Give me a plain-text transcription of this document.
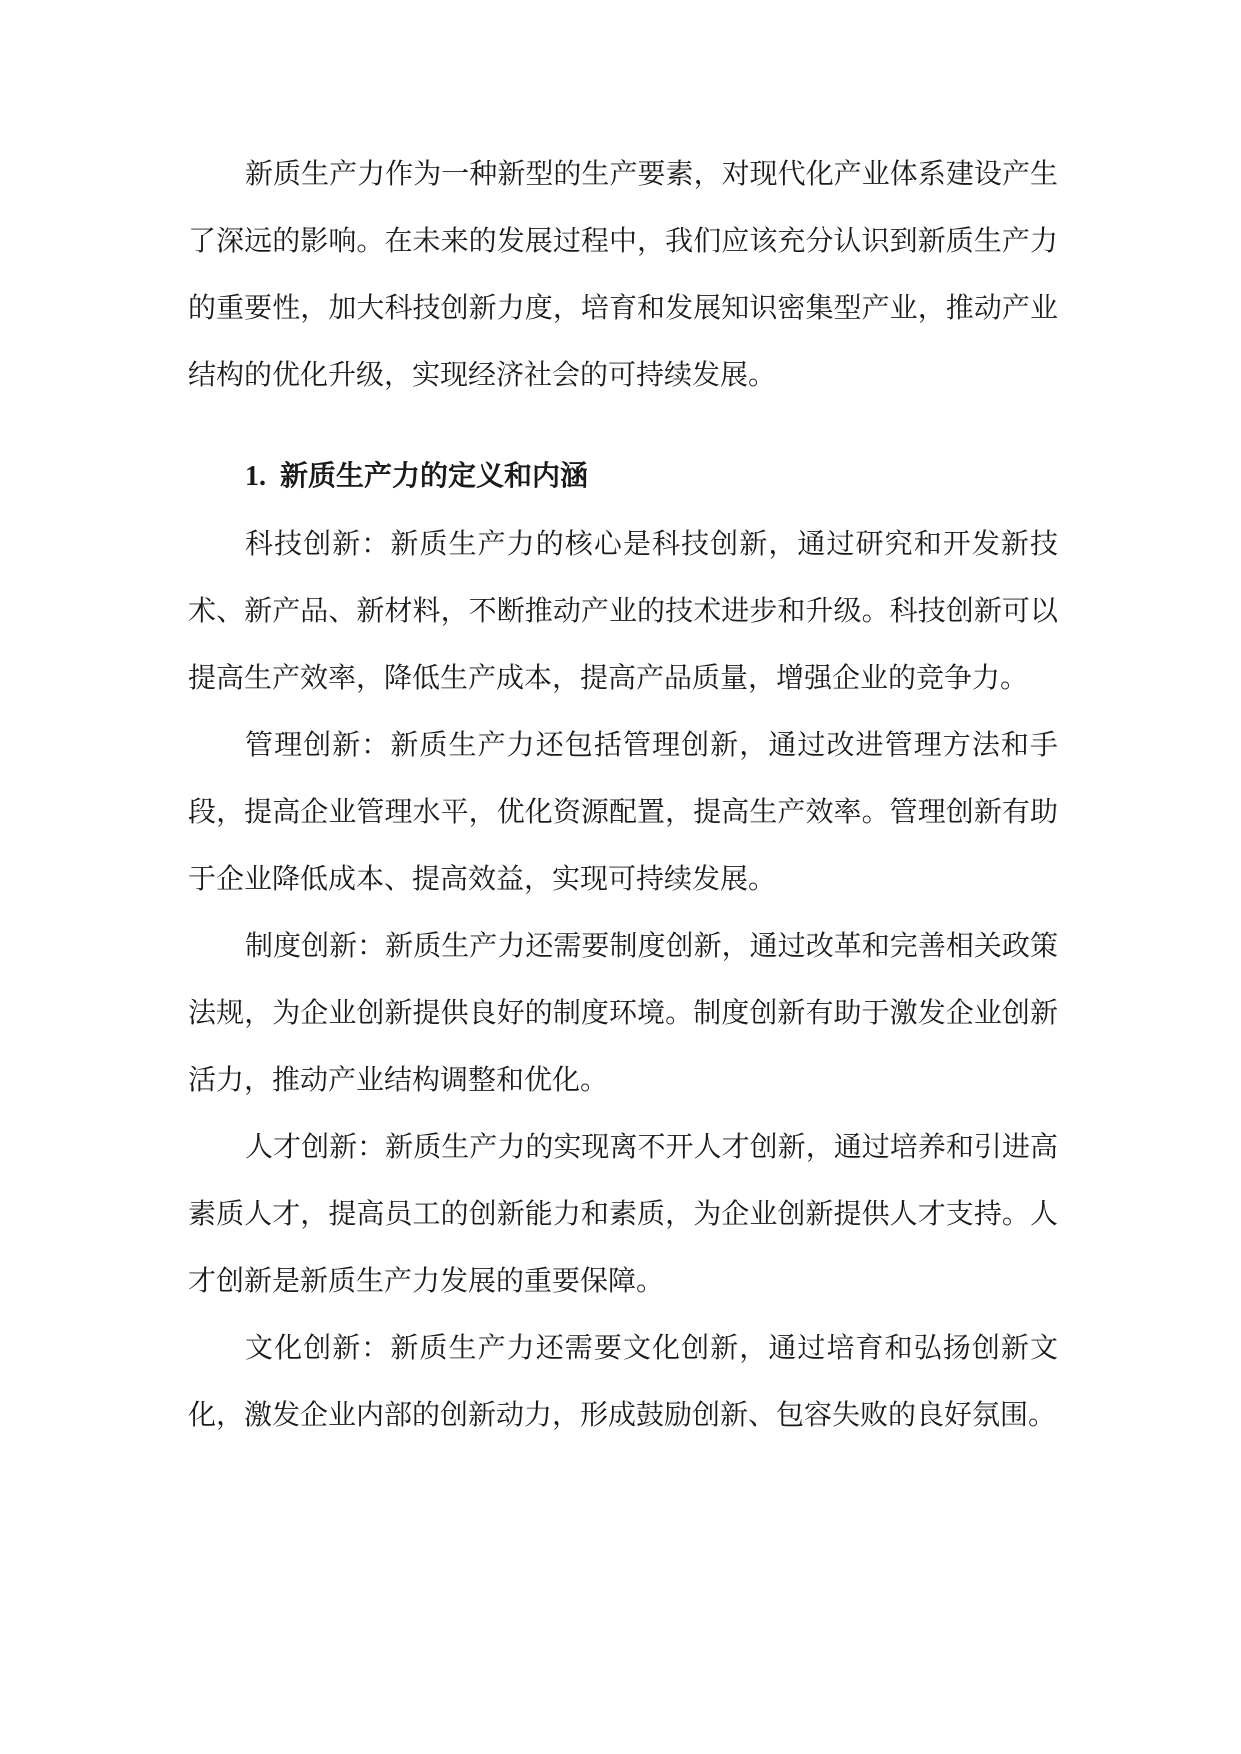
新质生产力作为一种新型的生产要素，对现代化产业体系建设产生了深远的影响。在未来的发展过程中，我们应该充分认识到新质生产力的重要性，加大科技创新力度，培育和发展知识密集型产业，推动产业结构的优化升级，实现经济社会的可持续发展。

1. 新质生产力的定义和内涵

科技创新：新质生产力的核心是科技创新，通过研究和开发新技术、新产品、新材料，不断推动产业的技术进步和升级。科技创新可以提高生产效率，降低生产成本，提高产品质量，增强企业的竞争力。

管理创新：新质生产力还包括管理创新，通过改进管理方法和手段，提高企业管理水平，优化资源配置，提高生产效率。管理创新有助于企业降低成本、提高效益，实现可持续发展。

制度创新：新质生产力还需要制度创新，通过改革和完善相关政策法规，为企业创新提供良好的制度环境。制度创新有助于激发企业创新活力，推动产业结构调整和优化。

人才创新：新质生产力的实现离不开人才创新，通过培养和引进高素质人才，提高员工的创新能力和素质，为企业创新提供人才支持。人才创新是新质生产力发展的重要保障。

文化创新：新质生产力还需要文化创新，通过培育和弘扬创新文化，激发企业内部的创新动力，形成鼓励创新、包容失败的良好氛围。
